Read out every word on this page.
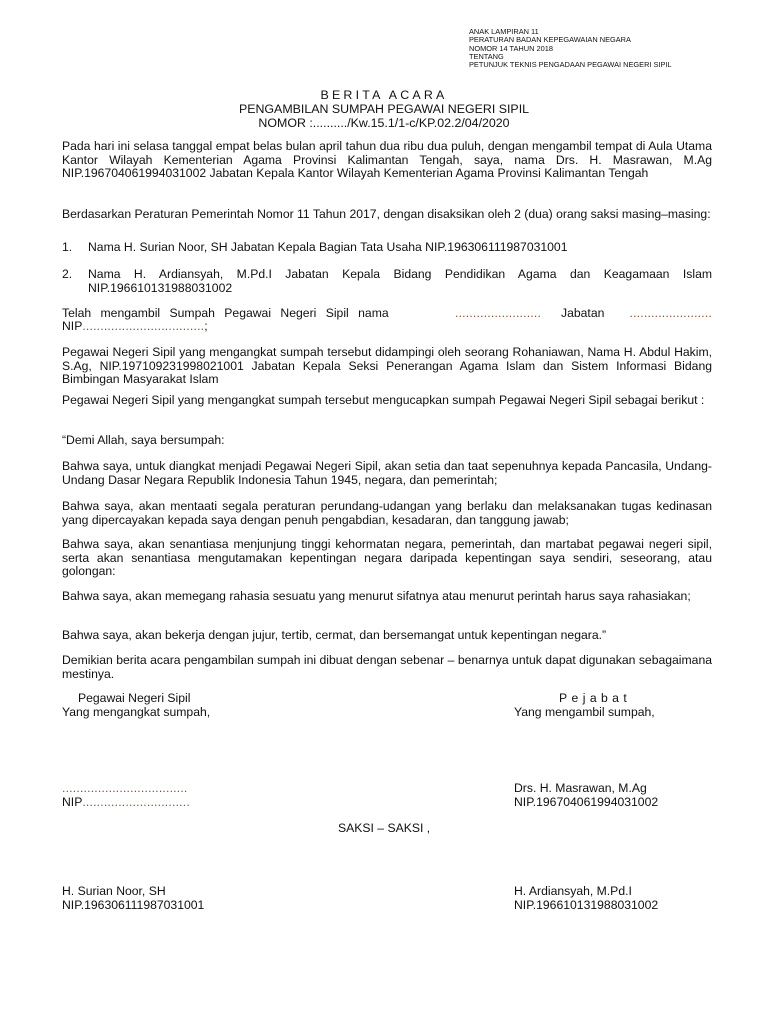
ANAK LAMPIRAN 11
PERATURAN BADAN KEPEGAWAIAN NEGARA
NOMOR 14 TAHUN 2018
TENTANG
PETUNJUK TEKNIS PENGADAAN PEGAWAI NEGERI SIPIL
BERITA ACARA
PENGAMBILAN SUMPAH PEGAWAI NEGERI SIPIL
NOMOR :........../Kw.15.1/1-c/KP.02.2/04/2020
Pada hari ini selasa tanggal empat belas bulan april tahun dua ribu dua puluh, dengan mengambil tempat di Aula Utama Kantor Wilayah Kementerian Agama Provinsi Kalimantan Tengah, saya, nama Drs. H. Masrawan, M.Ag NIP.196704061994031002 Jabatan Kepala Kantor Wilayah Kementerian Agama Provinsi Kalimantan Tengah
Berdasarkan Peraturan Pemerintah Nomor 11 Tahun 2017, dengan disaksikan oleh 2 (dua) orang saksi masing–masing:
1. Nama H. Surian Noor, SH Jabatan Kepala Bagian Tata Usaha NIP.196306111987031001
2. Nama H. Ardiansyah, M.Pd.I Jabatan Kepala Bidang Pendidikan Agama dan Keagamaan Islam NIP.196610131988031002
Telah mengambil Sumpah Pegawai Negeri Sipil nama	........................ Jabatan .......................
NIP..................................;
Pegawai Negeri Sipil yang mengangkat sumpah tersebut didampingi oleh seorang Rohaniawan, Nama H. Abdul Hakim, S.Ag, NIP.197109231998021001 Jabatan Kepala Seksi Penerangan Agama Islam dan Sistem Informasi Bidang Bimbingan Masyarakat Islam
Pegawai Negeri Sipil yang mengangkat sumpah tersebut mengucapkan sumpah Pegawai Negeri Sipil sebagai berikut :
“Demi Allah, saya bersumpah:
Bahwa saya, untuk diangkat menjadi Pegawai Negeri Sipil, akan setia dan taat sepenuhnya kepada Pancasila, Undang-Undang Dasar Negara Republik Indonesia Tahun 1945, negara, dan pemerintah;
Bahwa saya, akan mentaati segala peraturan perundang-udangan yang berlaku dan melaksanakan tugas kedinasan yang dipercayakan kepada saya dengan penuh pengabdian, kesadaran, dan tanggung jawab;
Bahwa saya, akan senantiasa menjunjung tinggi kehormatan negara, pemerintah, dan martabat pegawai negeri sipil, serta akan senantiasa mengutamakan kepentingan negara daripada kepentingan saya sendiri, seseorang, atau golongan:
Bahwa saya, akan memegang rahasia sesuatu yang menurut sifatnya atau menurut perintah harus saya rahasiakan;
Bahwa saya, akan bekerja dengan jujur, tertib, cermat, dan bersemangat untuk kepentingan negara.”
Demikian berita acara pengambilan sumpah ini dibuat dengan sebenar – benarnya untuk dapat digunakan sebagaimana mestinya.
Pegawai Negeri Sipil
Yang mengangkat sumpah,
Pejabat
Yang mengambil sumpah,
...................................
NIP..............................
Drs. H. Masrawan, M.Ag
NIP.196704061994031002
SAKSI – SAKSI ,
H. Surian Noor, SH
NIP.196306111987031001
H. Ardiansyah, M.Pd.I
NIP.196610131988031002
